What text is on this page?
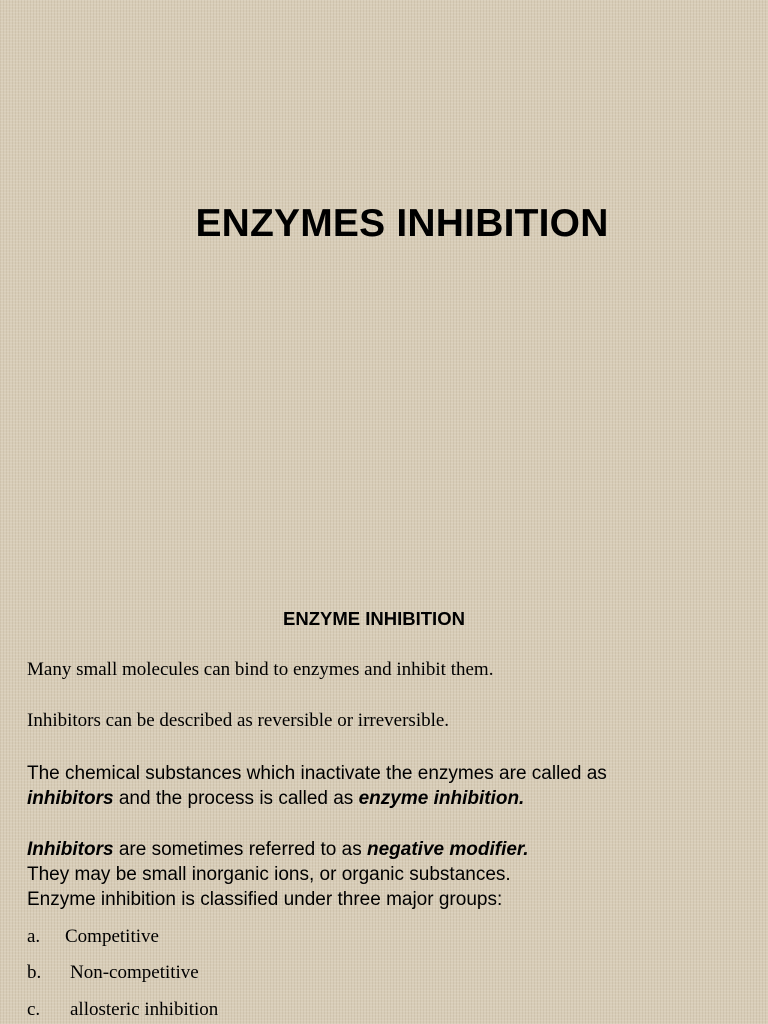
ENZYMES INHIBITION
ENZYME INHIBITION

Many small molecules can bind to enzymes and inhibit them.

Inhibitors can be described as reversible or irreversible.

The chemical substances which inactivate the enzymes are called as
inhibitors and the process is called as enzyme inhibition.
Inhibitors are sometimes referred to as negative modifier.
They may be small inorganic ions, or organic substances.
Enzyme inhibition is classified under three major groups:
a. Competitive
b. Non-competitive
c. allosteric inhibition
